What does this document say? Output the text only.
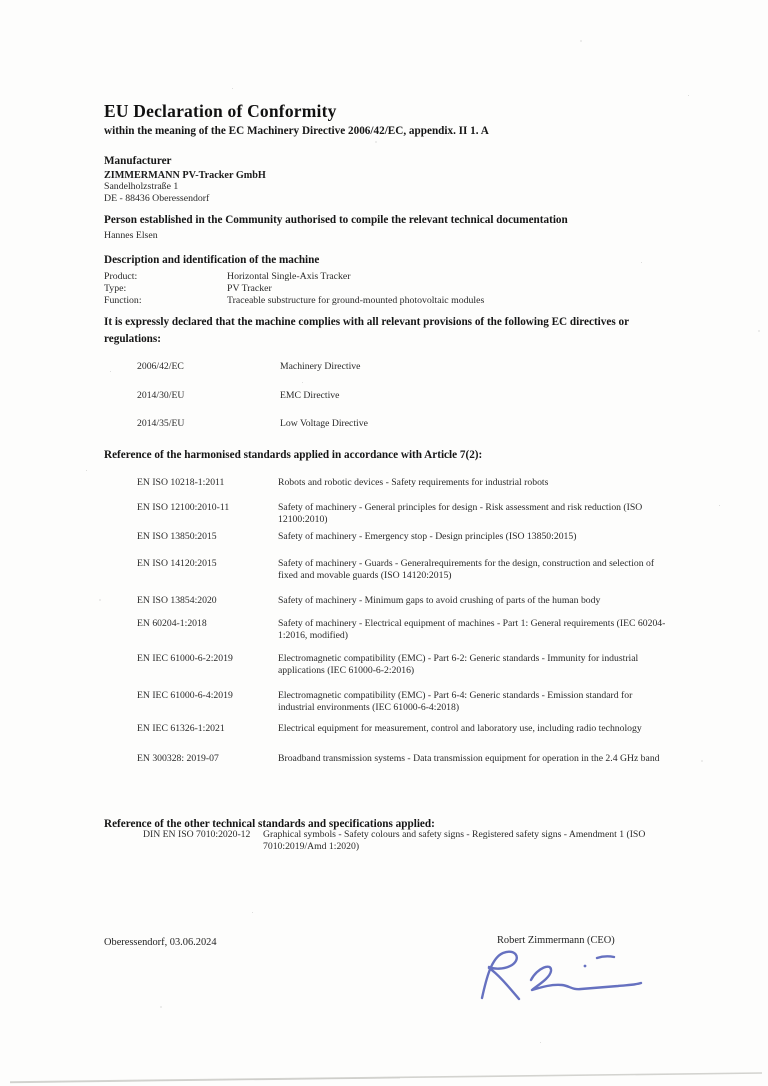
EU Declaration of Conformity
within the meaning of the EC Machinery Directive 2006/42/EC, appendix. II 1. A
Manufacturer
ZIMMERMANN PV-Tracker GmbH
Sandelholzstraße 1
DE - 88436 Oberessendorf
Person established in the Community authorised to compile the relevant technical documentation
Hannes Elsen
Description and identification of the machine
Product:	Horizontal Single-Axis Tracker
Type:	PV Tracker
Function:	Traceable substructure for ground-mounted photovoltaic modules
It is expressly declared that the machine complies with all relevant provisions of the following EC directives or regulations:
2006/42/EC	Machinery Directive
2014/30/EU	EMC Directive
2014/35/EU	Low Voltage Directive
Reference of the harmonised standards applied in accordance with Article 7(2):
EN ISO 10218-1:2011	Robots and robotic devices - Safety requirements for industrial robots
EN ISO 12100:2010-11	Safety of machinery - General principles for design - Risk assessment and risk reduction (ISO 12100:2010)
EN ISO 13850:2015	Safety of machinery - Emergency stop - Design principles (ISO 13850:2015)
EN ISO 14120:2015	Safety of machinery - Guards - Generalrequirements for the design, construction and selection of fixed and movable guards (ISO 14120:2015)
EN ISO 13854:2020	Safety of machinery - Minimum gaps to avoid crushing of parts of the human body
EN 60204-1:2018	Safety of machinery - Electrical equipment of machines - Part 1: General requirements (IEC 60204-1:2016, modified)
EN IEC 61000-6-2:2019	Electromagnetic compatibility (EMC) - Part 6-2: Generic standards - Immunity for industrial applications (IEC 61000-6-2:2016)
EN IEC 61000-6-4:2019	Electromagnetic compatibility (EMC) - Part 6-4: Generic standards - Emission standard for industrial environments (IEC 61000-6-4:2018)
EN IEC 61326-1:2021	Electrical equipment for measurement, control and laboratory use, including radio technology
EN 300328: 2019-07	Broadband transmission systems - Data transmission equipment for operation in the 2.4 GHz band
Reference of the other technical standards and specifications applied:
DIN EN ISO 7010:2020-12 Graphical symbols - Safety colours and safety signs - Registered safety signs - Amendment 1 (ISO 7010:2019/Amd 1:2020)
Oberessendorf, 03.06.2024	Robert Zimmermann (CEO)
